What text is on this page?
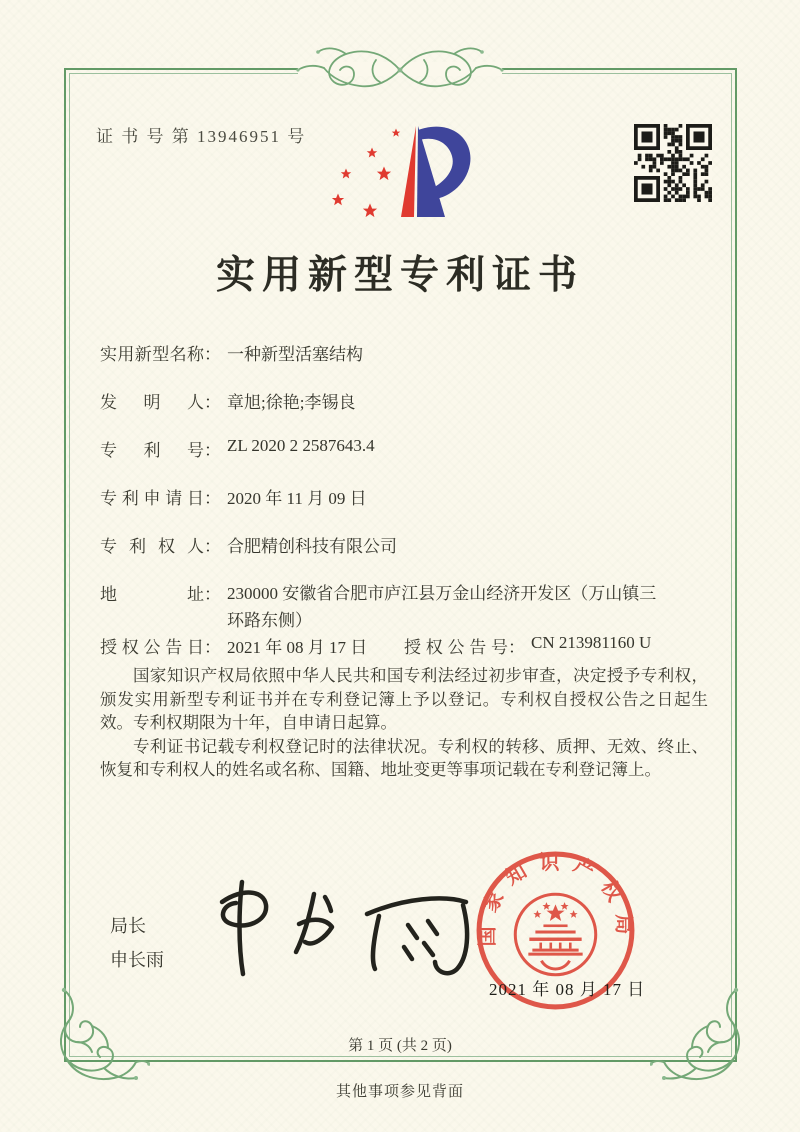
证 书 号 第 13946951 号
实用新型专利证书
实用新型名称： 一种新型活塞结构
发明人： 章旭;徐艳;李锡良
专利号： ZL 2020 2 2587643.4
专利申请日： 2020 年 11 月 09 日
专利权人： 合肥精创科技有限公司
地址： 230000 安徽省合肥市庐江县万金山经济开发区（万山镇三环路东侧）
授权公告日： 2021 年 08 月 17 日 授权公告号： CN 213981160 U

国家知识产权局依照中华人民共和国专利法经过初步审查，决定授予专利权，颁发实用新型专利证书并在专利登记簿上予以登记。专利权自授权公告之日起生效。专利权期限为十年，自申请日起算。

专利证书记载专利权登记时的法律状况。专利权的转移、质押、无效、终止、恢复和专利权人的姓名或名称、国籍、地址变更等事项记载在专利登记簿上。

局长
申长雨
国家知识产权局
2021 年 08 月 17 日
第 1 页 (共 2 页)
其他事项参见背面
